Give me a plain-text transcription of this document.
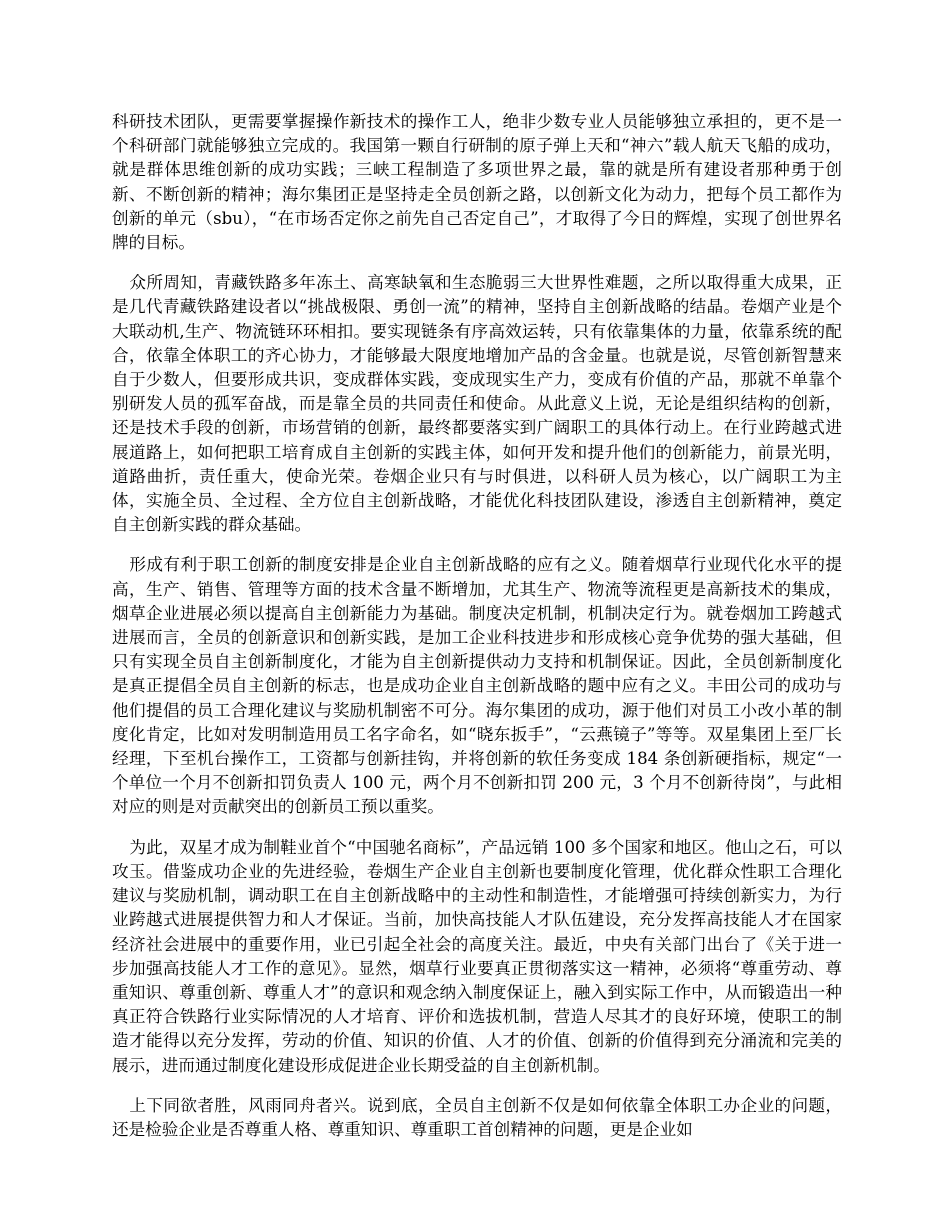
科研技术团队，更需要掌握操作新技术的操作工人，绝非少数专业人员能够独立承担的，更不是一个科研部门就能够独立完成的。我国第一颗自行研制的原子弹上天和“神六”载人航天飞船的成功，就是群体思维创新的成功实践；三峡工程制造了多项世界之最，靠的就是所有建设者那种勇于创新、不断创新的精神；海尔集团正是坚持走全员创新之路，以创新文化为动力，把每个员工都作为创新的单元（sbu），“在市场否定你之前先自己否定自己”，才取得了今日的辉煌，实现了创世界名牌的目标。

众所周知，青藏铁路多年冻土、高寒缺氧和生态脆弱三大世界性难题，之所以取得重大成果，正是几代青藏铁路建设者以“挑战极限、勇创一流”的精神，坚持自主创新战略的结晶。卷烟产业是个大联动机,生产、物流链环环相扣。要实现链条有序高效运转，只有依靠集体的力量，依靠系统的配合，依靠全体职工的齐心协力，才能够最大限度地增加产品的含金量。也就是说，尽管创新智慧来自于少数人，但要形成共识，变成群体实践，变成现实生产力，变成有价值的产品，那就不单靠个别研发人员的孤军奋战，而是靠全员的共同责任和使命。从此意义上说，无论是组织结构的创新，还是技术手段的创新，市场营销的创新，最终都要落实到广阔职工的具体行动上。在行业跨越式进展道路上，如何把职工培育成自主创新的实践主体，如何开发和提升他们的创新能力，前景光明，道路曲折，责任重大，使命光荣。卷烟企业只有与时俱进，以科研人员为核心，以广阔职工为主体，实施全员、全过程、全方位自主创新战略，才能优化科技团队建设，渗透自主创新精神，奠定自主创新实践的群众基础。

形成有利于职工创新的制度安排是企业自主创新战略的应有之义。随着烟草行业现代化水平的提高，生产、销售、管理等方面的技术含量不断增加，尤其生产、物流等流程更是高新技术的集成，烟草企业进展必须以提高自主创新能力为基础。制度决定机制，机制决定行为。就卷烟加工跨越式进展而言，全员的创新意识和创新实践，是加工企业科技进步和形成核心竞争优势的强大基础，但只有实现全员自主创新制度化，才能为自主创新提供动力支持和机制保证。因此，全员创新制度化是真正提倡全员自主创新的标志，也是成功企业自主创新战略的题中应有之义。丰田公司的成功与他们提倡的员工合理化建议与奖励机制密不可分。海尔集团的成功，源于他们对员工小改小革的制度化肯定，比如对发明制造用员工名字命名，如“晓东扳手”，“云燕镜子”等等。双星集团上至厂长经理，下至机台操作工，工资都与创新挂钩，并将创新的软任务变成 184 条创新硬指标，规定“一个单位一个月不创新扣罚负责人 100 元，两个月不创新扣罚 200 元，3 个月不创新待岗”，与此相对应的则是对贡献突出的创新员工预以重奖。

为此，双星才成为制鞋业首个“中国驰名商标”，产品远销 100 多个国家和地区。他山之石，可以攻玉。借鉴成功企业的先进经验，卷烟生产企业自主创新也要制度化管理，优化群众性职工合理化建议与奖励机制，调动职工在自主创新战略中的主动性和制造性，才能增强可持续创新实力，为行业跨越式进展提供智力和人才保证。当前，加快高技能人才队伍建设，充分发挥高技能人才在国家经济社会进展中的重要作用，业已引起全社会的高度关注。最近，中央有关部门出台了《关于进一步加强高技能人才工作的意见》。显然，烟草行业要真正贯彻落实这一精神，必须将“尊重劳动、尊重知识、尊重创新、尊重人才”的意识和观念纳入制度保证上，融入到实际工作中，从而锻造出一种真正符合铁路行业实际情况的人才培育、评价和选拔机制，营造人尽其才的良好环境，使职工的制造才能得以充分发挥，劳动的价值、知识的价值、人才的价值、创新的价值得到充分涌流和完美的展示，进而通过制度化建设形成促进企业长期受益的自主创新机制。

上下同欲者胜，风雨同舟者兴。说到底，全员自主创新不仅是如何依靠全体职工办企业的问题，还是检验企业是否尊重人格、尊重知识、尊重职工首创精神的问题，更是企业如
